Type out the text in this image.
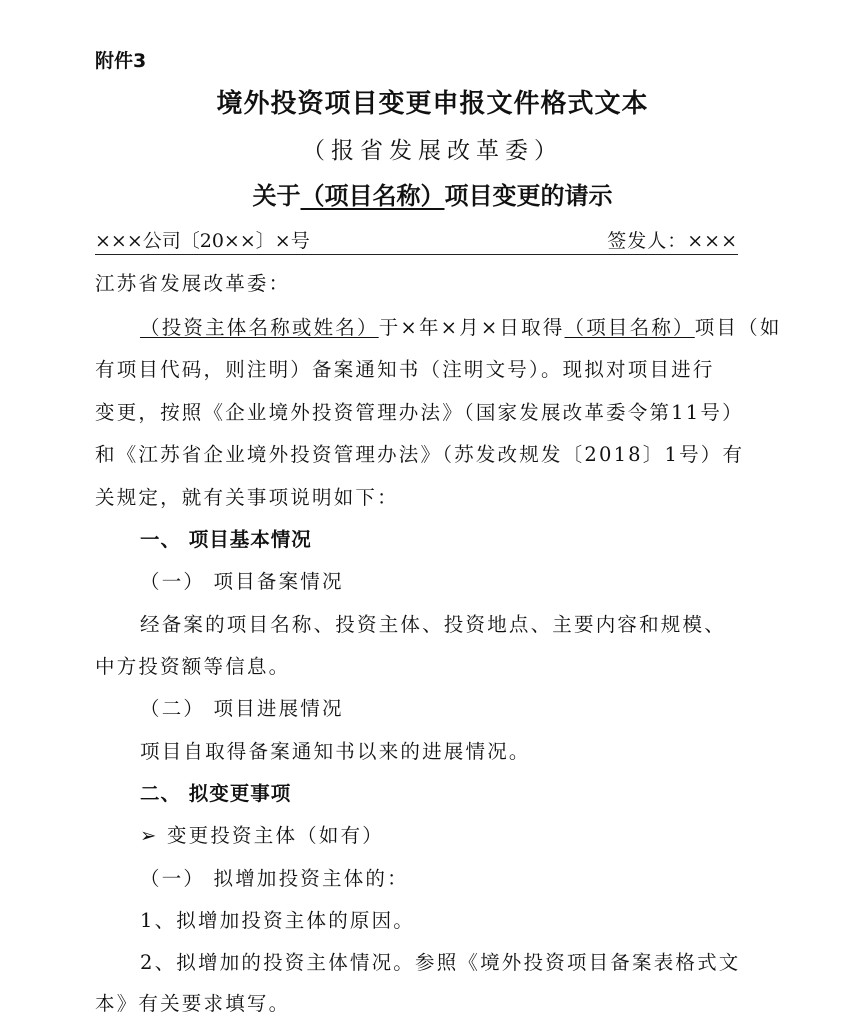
附件3
境外投资项目变更申报文件格式文本
（报省发展改革委）
关于（项目名称）项目变更的请示
×××公司〔20××〕×号	签发人：×××
江苏省发展改革委：
（投资主体名称或姓名）于×年×月×日取得（项目名称）项目（如
有项目代码，则注明）备案通知书（注明文号）。现拟对项目进行
变更，按照《企业境外投资管理办法》（国家发展改革委令第11号）
和《江苏省企业境外投资管理办法》（苏发改规发〔2018〕1号）有
关规定，就有关事项说明如下：
一、 项目基本情况
（一） 项目备案情况
经备案的项目名称、投资主体、投资地点、主要内容和规模、
中方投资额等信息。
（二） 项目进展情况
项目自取得备案通知书以来的进展情况。
二、 拟变更事项
➢ 变更投资主体（如有）
（一） 拟增加投资主体的：
1、拟增加投资主体的原因。
2、拟增加的投资主体情况。参照《境外投资项目备案表格式文
本》有关要求填写。
